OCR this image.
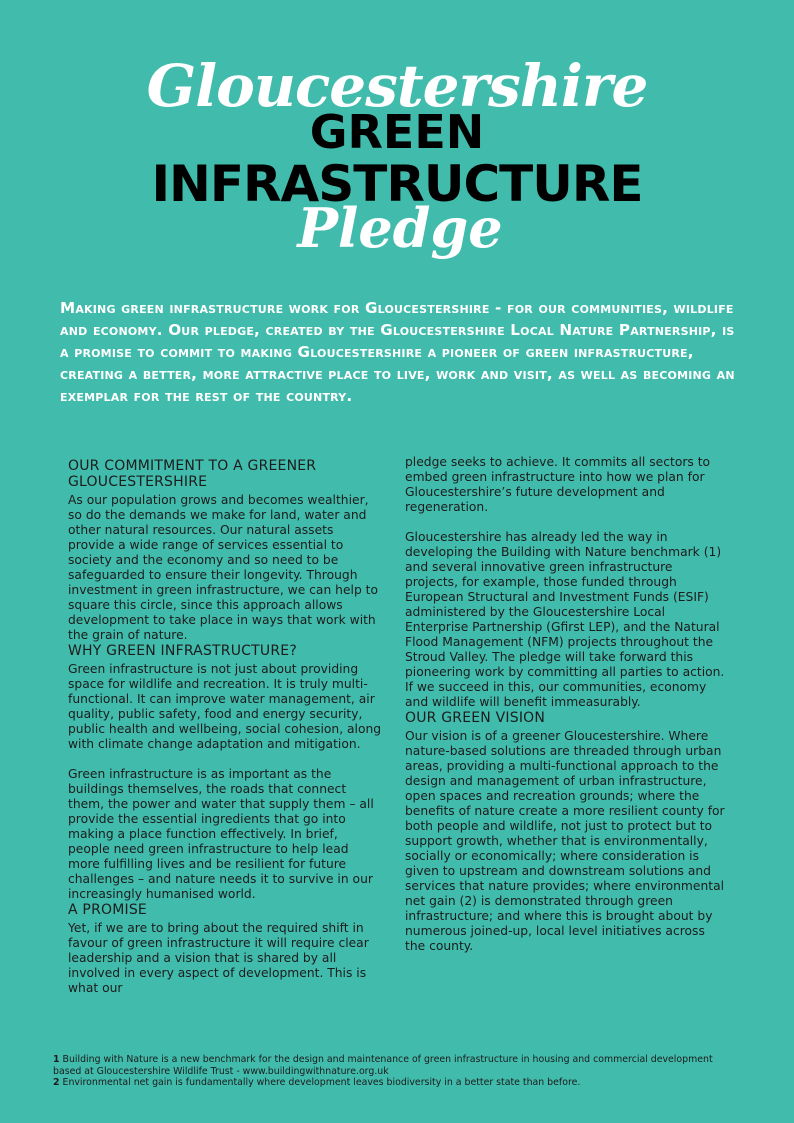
Gloucestershire
GREEN
INFRASTRUCTURE
Pledge
Making green infrastructure work for Gloucestershire - for our communities, wildlife and economy. Our pledge, created by the Gloucestershire Local Nature Partnership, is a promise to commit to making Gloucestershire a pioneer of green infrastructure, creating a better, more attractive place to live, work and visit, as well as becoming an exemplar for the rest of the country.
OUR COMMITMENT TO A GREENER GLOUCESTERSHIRE

As our population grows and becomes wealthier, so do the demands we make for land, water and other natural resources. Our natural assets provide a wide range of services essential to society and the economy and so need to be safeguarded to ensure their longevity. Through investment in green infrastructure, we can help to square this circle, since this approach allows development to take place in ways that work with the grain of nature.

WHY GREEN INFRASTRUCTURE?

Green infrastructure is not just about providing space for wildlife and recreation. It is truly multi-functional. It can improve water management, air quality, public safety, food and energy security, public health and wellbeing, social cohesion, along with climate change adaptation and mitigation.

Green infrastructure is as important as the buildings themselves, the roads that connect them, the power and water that supply them – all provide the essential ingredients that go into making a place function effectively. In brief, people need green infrastructure to help lead more fulfilling lives and be resilient for future challenges – and nature needs it to survive in our increasingly humanised world.

A PROMISE

Yet, if we are to bring about the required shift in favour of green infrastructure it will require clear leadership and a vision that is shared by all involved in every aspect of development. This is what our

pledge seeks to achieve. It commits all sectors to embed green infrastructure into how we plan for Gloucestershire’s future development and regeneration.

Gloucestershire has already led the way in developing the Building with Nature benchmark (1) and several innovative green infrastructure projects, for example, those funded through European Structural and Investment Funds (ESIF) administered by the Gloucestershire Local Enterprise Partnership (Gfirst LEP), and the Natural Flood Management (NFM) projects throughout the Stroud Valley. The pledge will take forward this pioneering work by committing all parties to action. If we succeed in this, our communities, economy and wildlife will benefit immeasurably.

OUR GREEN VISION

Our vision is of a greener Gloucestershire. Where nature-based solutions are threaded through urban areas, providing a multi-functional approach to the design and management of urban infrastructure, open spaces and recreation grounds; where the benefits of nature create a more resilient county for both people and wildlife, not just to protect but to support growth, whether that is environmentally, socially or economically; where consideration is given to upstream and downstream solutions and services that nature provides; where environmental net gain (2) is demonstrated through green infrastructure; and where this is brought about by numerous joined-up, local level initiatives across the county.

1 Building with Nature is a new benchmark for the design and maintenance of green infrastructure in housing and commercial development based at Gloucestershire Wildlife Trust - www.buildingwithnature.org.uk
2 Environmental net gain is fundamentally where development leaves biodiversity in a better state than before.
